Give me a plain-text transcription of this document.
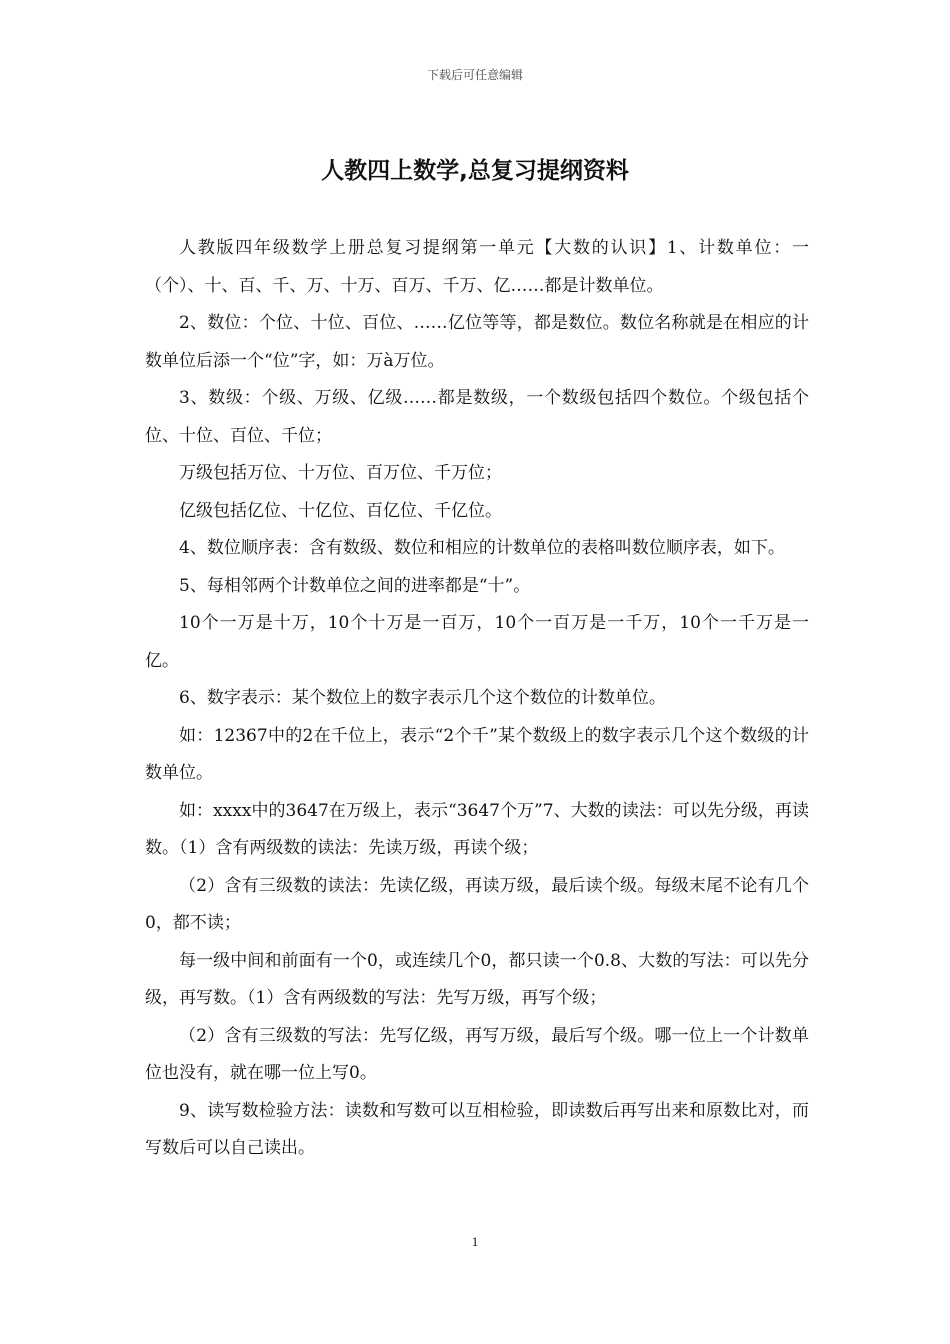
下载后可任意编辑
人教四上数学,总复习提纲资料

人教版四年级数学上册总复习提纲第一单元【大数的认识】1、计数单位：一（个）、十、百、千、万、十万、百万、千万、亿……都是计数单位。

2、数位：个位、十位、百位、……亿位等等，都是数位。数位名称就是在相应的计数单位后添一个“位”字，如：万à万位。

3、数级：个级、万级、亿级……都是数级，一个数级包括四个数位。个级包括个位、十位、百位、千位；

万级包括万位、十万位、百万位、千万位；

亿级包括亿位、十亿位、百亿位、千亿位。

4、数位顺序表：含有数级、数位和相应的计数单位的表格叫数位顺序表，如下。

5、每相邻两个计数单位之间的进率都是“十”。

10个一万是十万，10个十万是一百万，10个一百万是一千万，10个一千万是一亿。

6、数字表示：某个数位上的数字表示几个这个数位的计数单位。

如：12367中的2在千位上，表示“2个千”某个数级上的数字表示几个这个数级的计数单位。

如：xxxx中的3647在万级上，表示“3647个万”7、大数的读法：可以先分级，再读数。（1）含有两级数的读法：先读万级，再读个级；

（2）含有三级数的读法：先读亿级，再读万级，最后读个级。每级末尾不论有几个0，都不读；

每一级中间和前面有一个0，或连续几个0，都只读一个0.8、大数的写法：可以先分级，再写数。（1）含有两级数的写法：先写万级，再写个级；

（2）含有三级数的写法：先写亿级，再写万级，最后写个级。哪一位上一个计数单位也没有，就在哪一位上写0。

9、读写数检验方法：读数和写数可以互相检验，即读数后再写出来和原数比对，而写数后可以自己读出。

1
